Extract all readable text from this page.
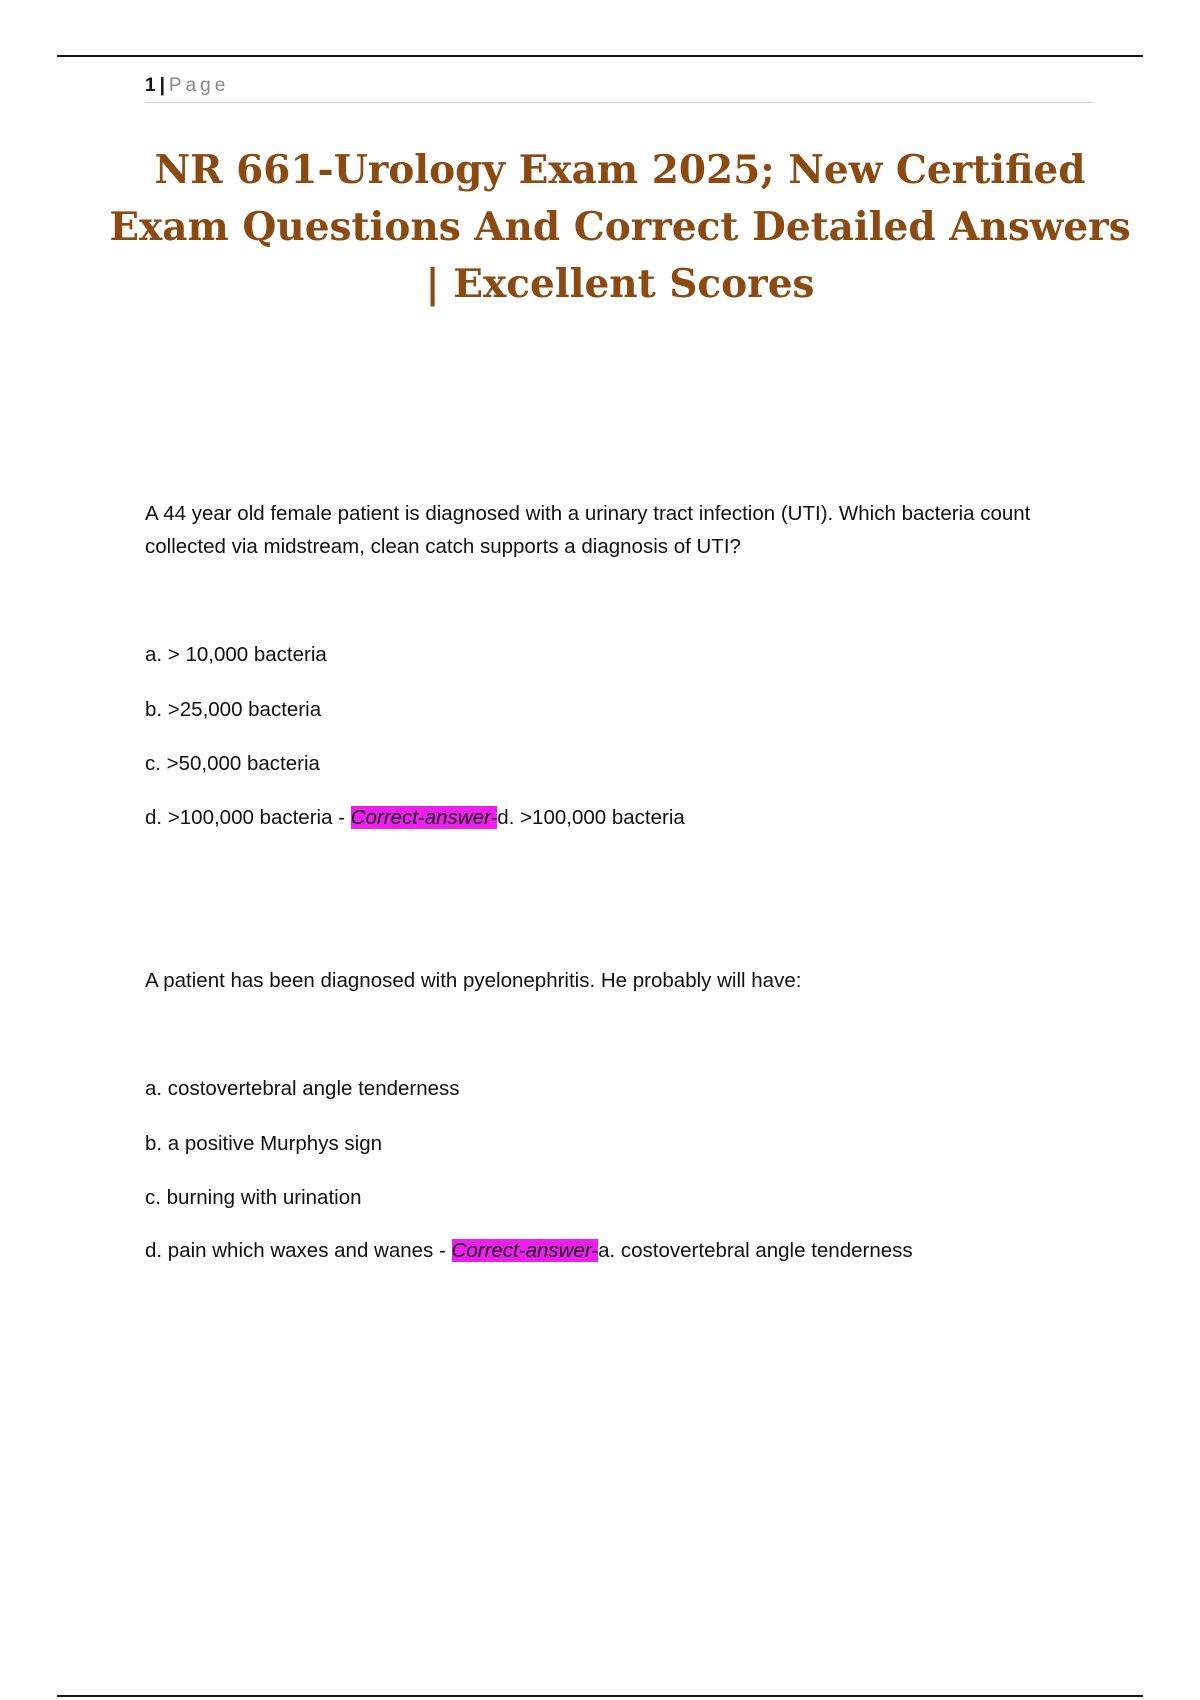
1 | Page
NR 661-Urology Exam 2025; New Certified Exam Questions And Correct Detailed Answers | Excellent Scores

A 44 year old female patient is diagnosed with a urinary tract infection (UTI). Which bacteria count collected via midstream, clean catch supports a diagnosis of UTI?

a. > 10,000 bacteria

b. >25,000 bacteria

c. >50,000 bacteria

d. >100,000 bacteria - Correct-answer-d. >100,000 bacteria

A patient has been diagnosed with pyelonephritis. He probably will have:

a. costovertebral angle tenderness

b. a positive Murphys sign

c. burning with urination

d. pain which waxes and wanes - Correct-answer-a. costovertebral angle tenderness
